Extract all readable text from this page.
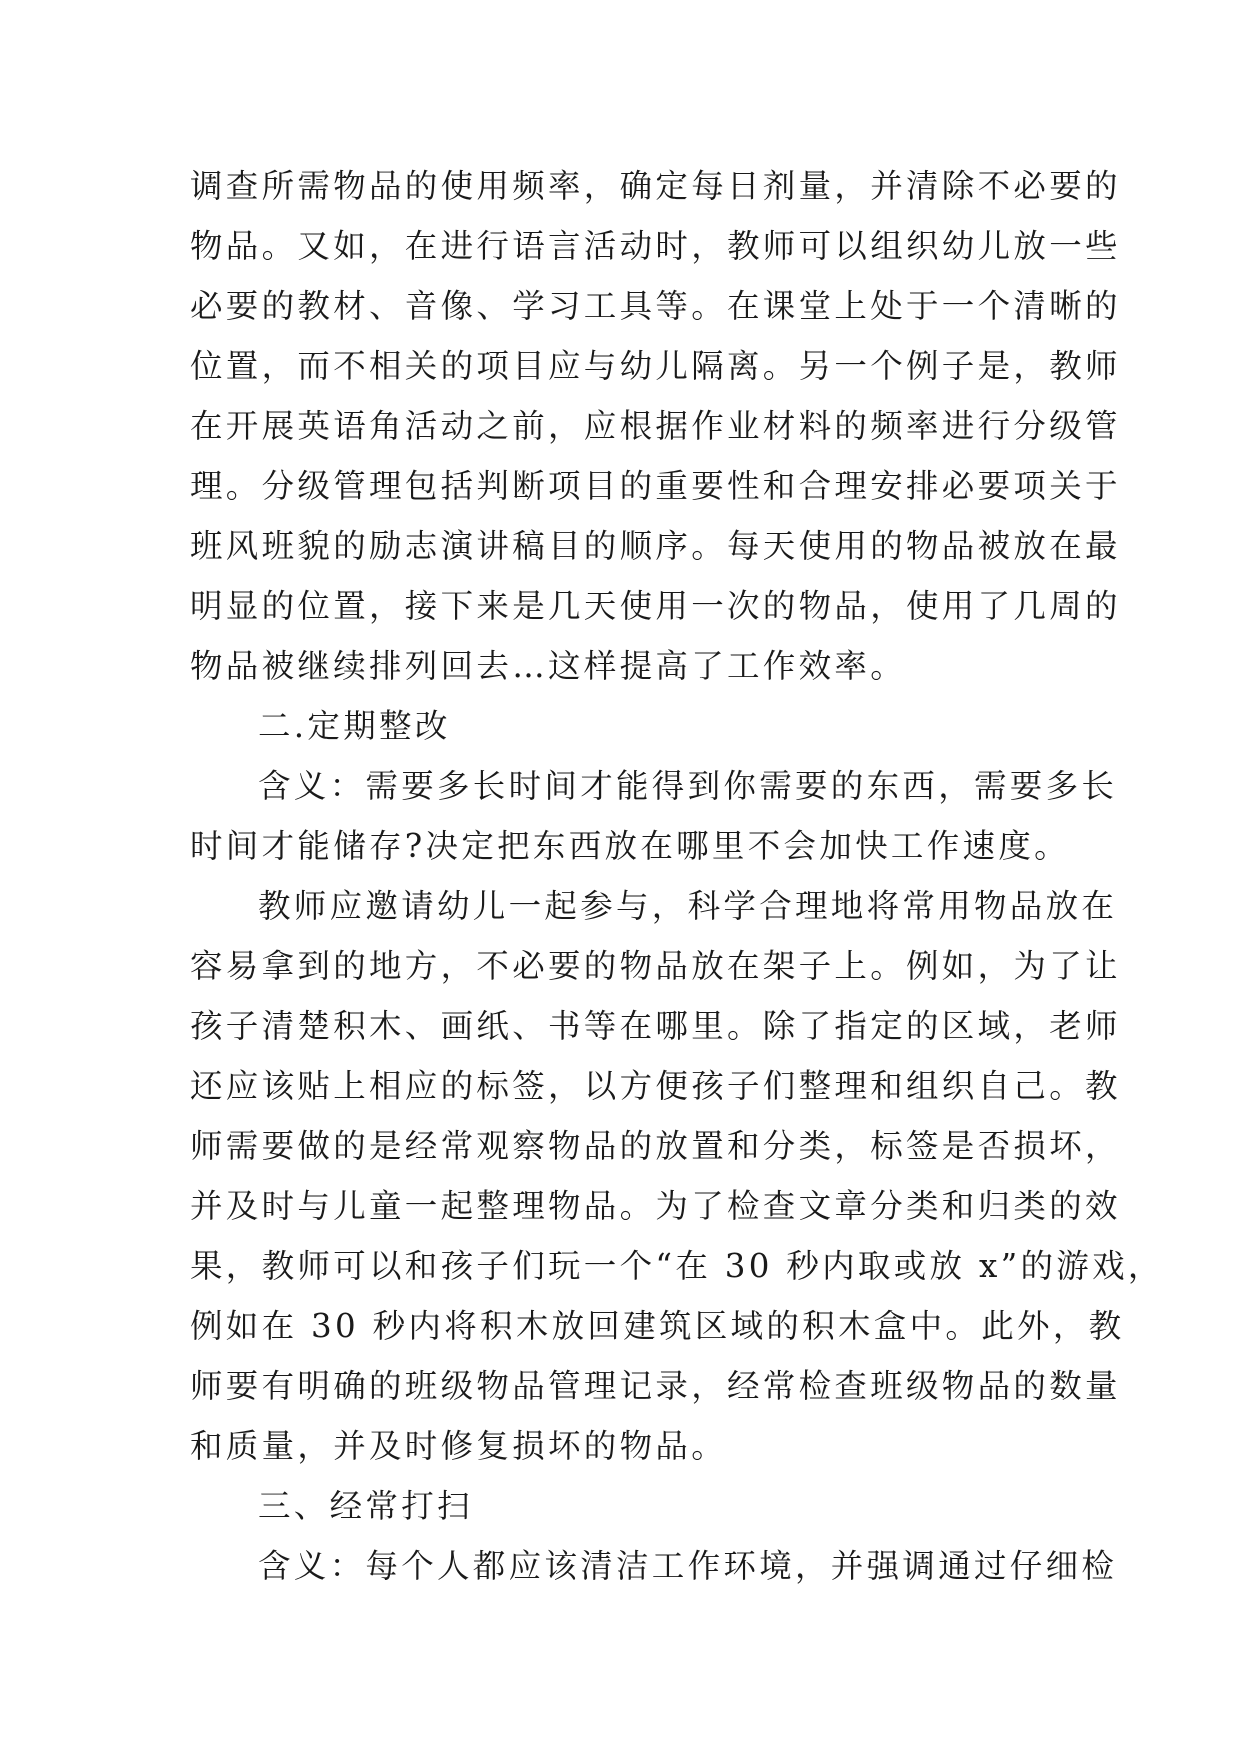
调查所需物品的使用频率，确定每日剂量，并清除不必要的
物品。又如，在进行语言活动时，教师可以组织幼儿放一些
必要的教材、音像、学习工具等。在课堂上处于一个清晰的
位置，而不相关的项目应与幼儿隔离。另一个例子是，教师
在开展英语角活动之前，应根据作业材料的频率进行分级管
理。分级管理包括判断项目的重要性和合理安排必要项关于
班风班貌的励志演讲稿目的顺序。每天使用的物品被放在最
明显的位置，接下来是几天使用一次的物品，使用了几周的
物品被继续排列回去…这样提高了工作效率。
二.定期整改
含义：需要多长时间才能得到你需要的东西，需要多长
时间才能储存?决定把东西放在哪里不会加快工作速度。
教师应邀请幼儿一起参与，科学合理地将常用物品放在
容易拿到的地方，不必要的物品放在架子上。例如，为了让
孩子清楚积木、画纸、书等在哪里。除了指定的区域，老师
还应该贴上相应的标签，以方便孩子们整理和组织自己。教
师需要做的是经常观察物品的放置和分类，标签是否损坏，
并及时与儿童一起整理物品。为了检查文章分类和归类的效
果，教师可以和孩子们玩一个“在 30 秒内取或放 x”的游戏，
例如在 30 秒内将积木放回建筑区域的积木盒中。此外，教
师要有明确的班级物品管理记录，经常检查班级物品的数量
和质量，并及时修复损坏的物品。
三、经常打扫
含义：每个人都应该清洁工作环境，并强调通过仔细检
